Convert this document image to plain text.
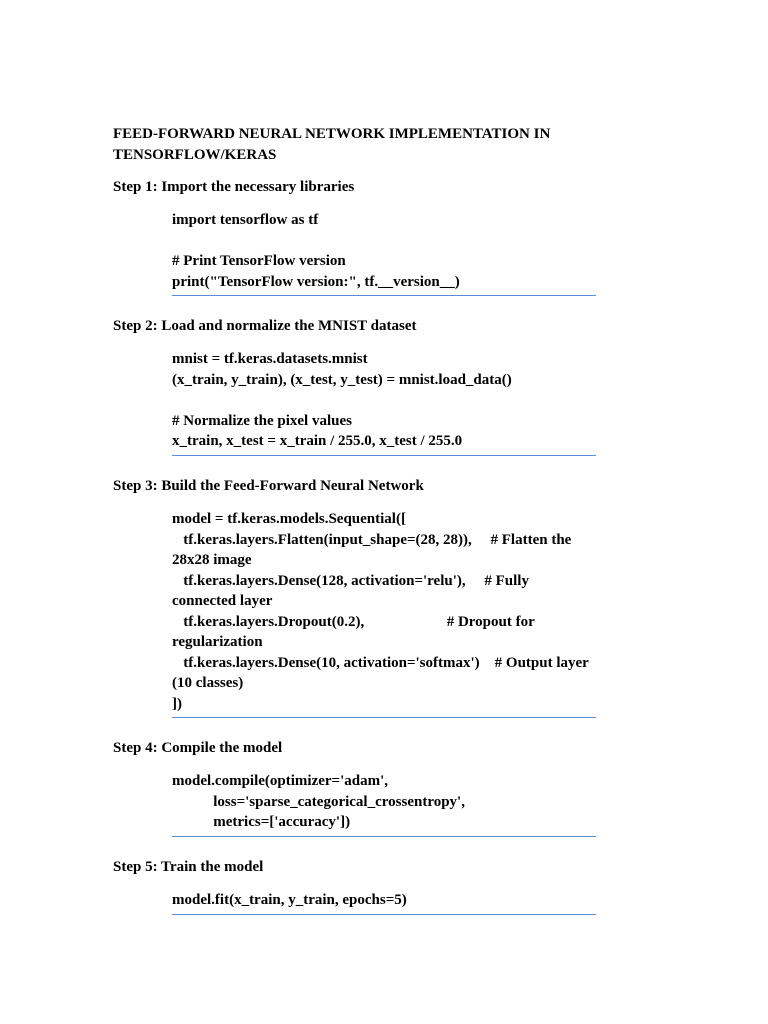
FEED-FORWARD NEURAL NETWORK IMPLEMENTATION IN TENSORFLOW/KERAS

Step 1: Import the necessary libraries

import tensorflow as tf
# Print TensorFlow version
print("TensorFlow version:", tf.__version__)

Step 2: Load and normalize the MNIST dataset

mnist = tf.keras.datasets.mnist
(x_train, y_train), (x_test, y_test) = mnist.load_data()
# Normalize the pixel values
x_train, x_test = x_train / 255.0, x_test / 255.0

Step 3: Build the Feed-Forward Neural Network

model = tf.keras.models.Sequential([
tf.keras.layers.Flatten(input_shape=(28, 28)),     # Flatten the
28x28 image
tf.keras.layers.Dense(128, activation='relu'),     # Fully
connected layer
tf.keras.layers.Dropout(0.2),                      # Dropout for
regularization
tf.keras.layers.Dense(10, activation='softmax')    # Output layer
(10 classes)
])

Step 4: Compile the model

model.compile(optimizer='adam',
loss='sparse_categorical_crossentropy',
metrics=['accuracy'])

Step 5: Train the model

model.fit(x_train, y_train, epochs=5)
